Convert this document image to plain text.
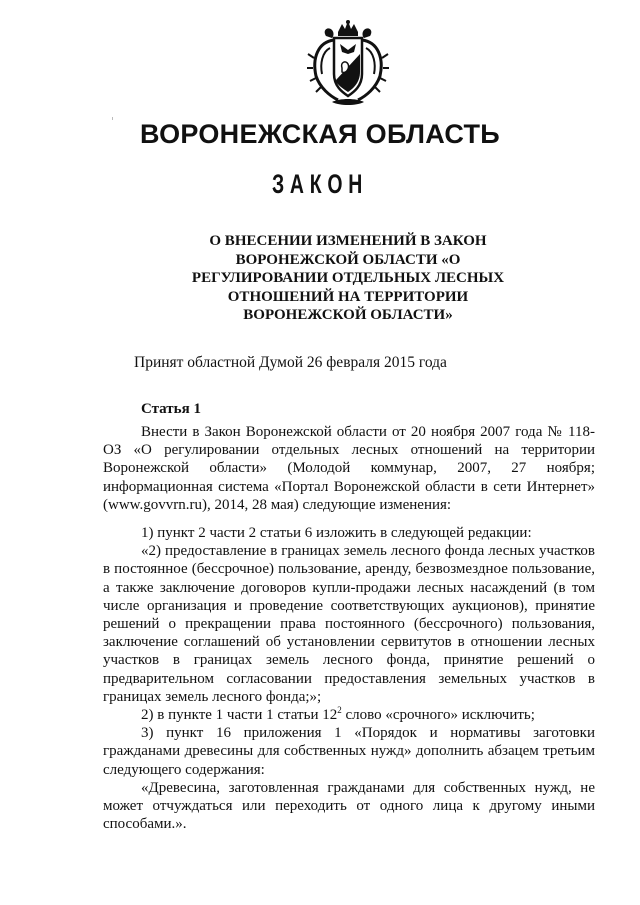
ВОРОНЕЖСКАЯ ОБЛАСТЬ
ЗАКОН
О ВНЕСЕНИИ ИЗМЕНЕНИЙ В ЗАКОН
ВОРОНЕЖСКОЙ ОБЛАСТИ «О
РЕГУЛИРОВАНИИ ОТДЕЛЬНЫХ ЛЕСНЫХ
ОТНОШЕНИЙ НА ТЕРРИТОРИИ
ВОРОНЕЖСКОЙ ОБЛАСТИ»
Принят областной Думой 26 февраля 2015 года
Статья 1

Внести в Закон Воронежской области от 20 ноября 2007 года № 118-ОЗ «О регулировании отдельных лесных отношений на территории Воронежской области» (Молодой коммунар, 2007, 27 ноября; информационная система «Портал Воронежской области в сети Интернет» (www.govvrn.ru), 2014, 28 мая) следующие изменения:

1) пункт 2 части 2 статьи 6 изложить в следующей редакции:

«2) предоставление в границах земель лесного фонда лесных участков в постоянное (бессрочное) пользование, аренду, безвозмездное пользование, а также заключение договоров купли-продажи лесных насаждений (в том числе организация и проведение соответствующих аукционов), принятие решений о прекращении права постоянного (бессрочного) пользования, заключение соглашений об установлении сервитутов в отношении лесных участков в границах земель лесного фонда, принятие решений о предварительном согласовании предоставления земельных участков в границах земель лесного фонда;»;

2) в пункте 1 части 1 статьи $12^2$ слово «срочного» исключить;

3) пункт 16 приложения 1 «Порядок и нормативы заготовки гражданами древесины для собственных нужд» дополнить абзацем третьим следующего содержания:

«Древесина, заготовленная гражданами для собственных нужд, не может отчуждаться или переходить от одного лица к другому иными способами.».
